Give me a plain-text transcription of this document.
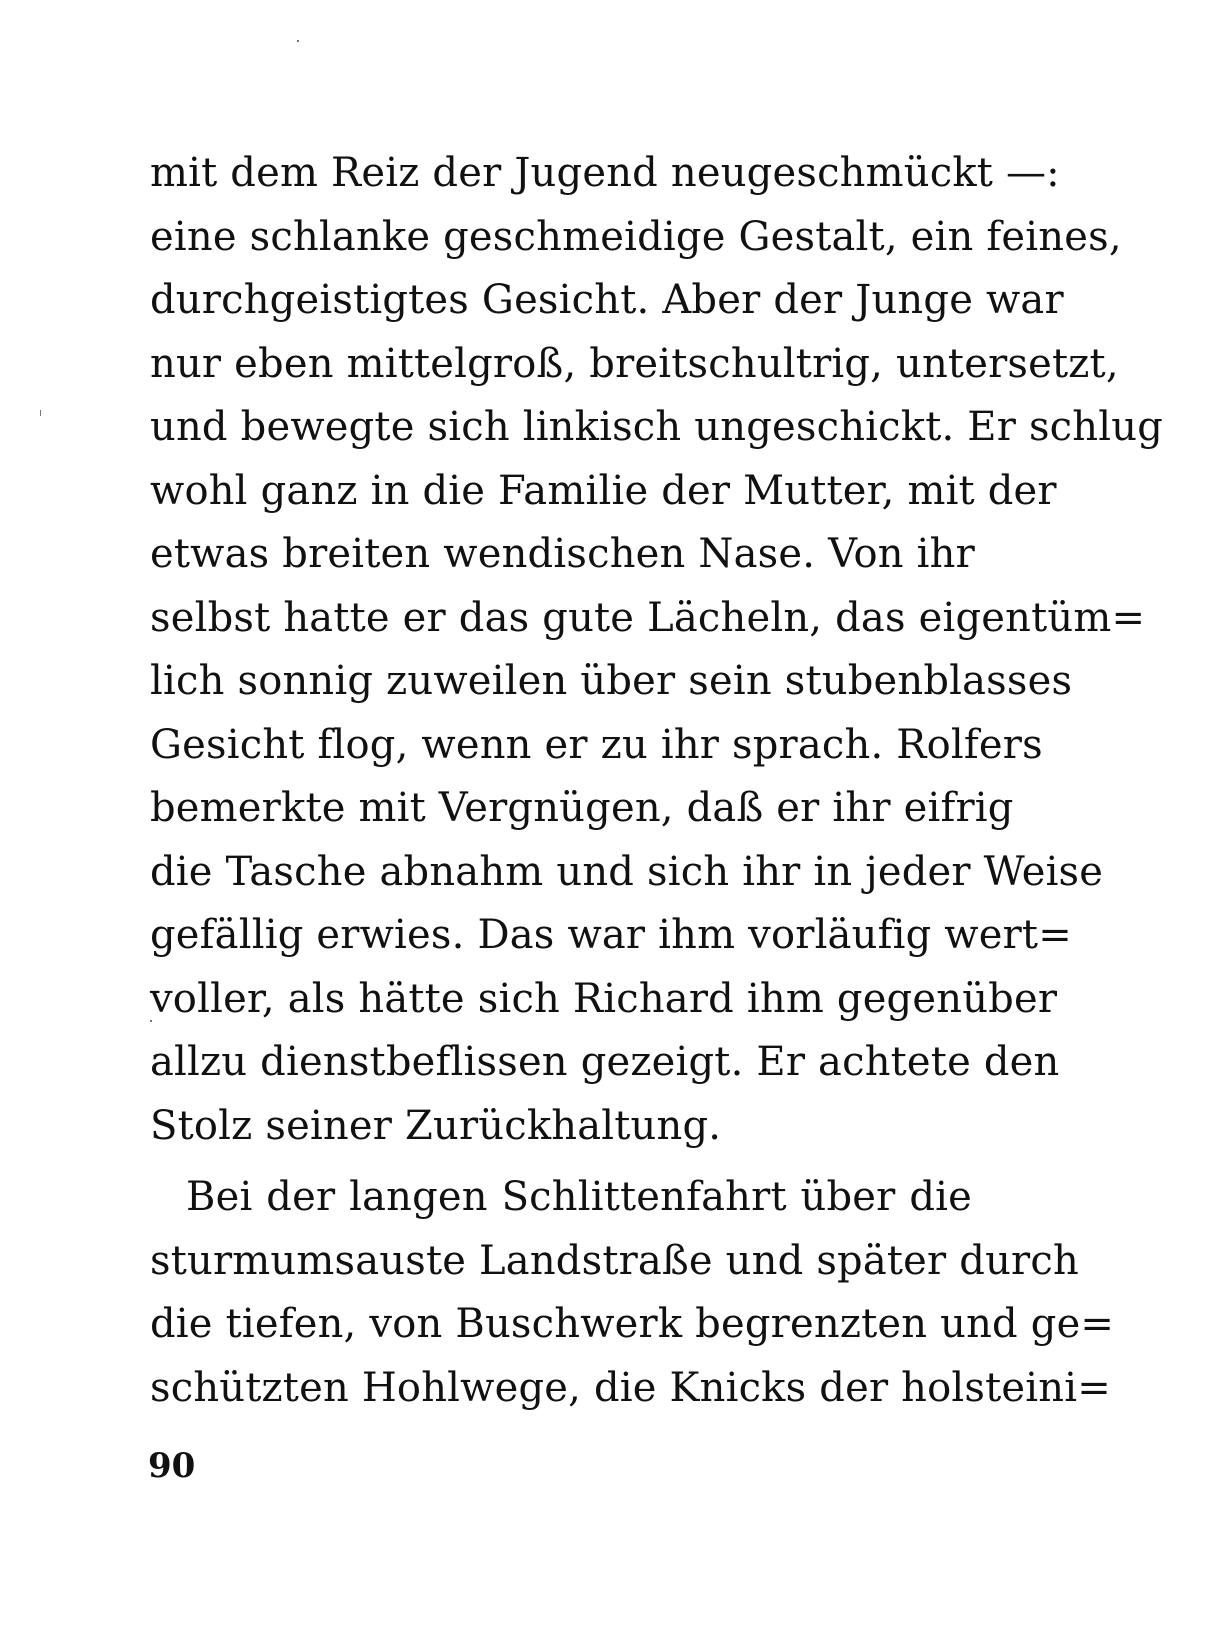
mit dem Reiz der Jugend neugeschmückt —:
eine schlanke geschmeidige Gestalt, ein feines,
durchgeistigtes Gesicht. Aber der Junge war
nur eben mittelgroß, breitschultrig, untersetzt,
und bewegte sich linkisch ungeschickt. Er schlug
wohl ganz in die Familie der Mutter, mit der
etwas breiten wendischen Nase. Von ihr
selbst hatte er das gute Lächeln, das eigentüm=
lich sonnig zuweilen über sein stubenblasses
Gesicht flog, wenn er zu ihr sprach. Rolfers
bemerkte mit Vergnügen, daß er ihr eifrig
die Tasche abnahm und sich ihr in jeder Weise
gefällig erwies. Das war ihm vorläufig wert=
voller, als hätte sich Richard ihm gegenüber
allzu dienstbeflissen gezeigt. Er achtete den
Stolz seiner Zurückhaltung.
Bei der langen Schlittenfahrt über die
sturmumsauste Landstraße und später durch
die tiefen, von Buschwerk begrenzten und ge=
schützten Hohlwege, die Knicks der holsteini=
90
